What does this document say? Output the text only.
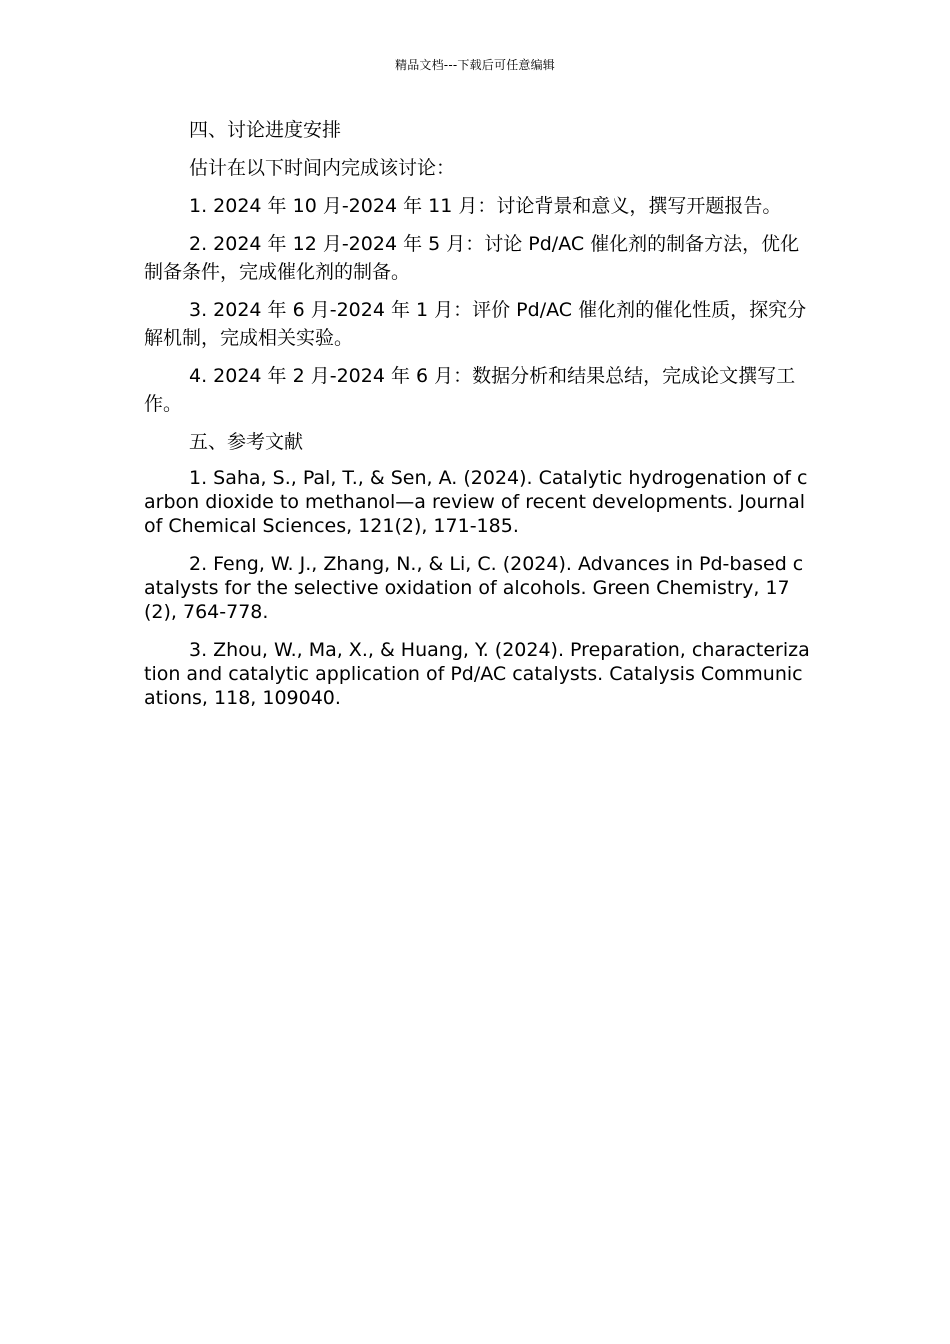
精品文档---下载后可任意编辑

四、讨论进度安排

估计在以下时间内完成该讨论：

1. 2024 年 10 月-2024 年 11 月：讨论背景和意义，撰写开题报告。

2. 2024 年 12 月-2024 年 5 月：讨论 Pd/AC 催化剂的制备方法，优化制备条件，完成催化剂的制备。

3. 2024 年 6 月-2024 年 1 月：评价 Pd/AC 催化剂的催化性质，探究分解机制，完成相关实验。

4. 2024 年 2 月-2024 年 6 月：数据分析和结果总结，完成论文撰写工作。

五、参考文献

1. Saha, S., Pal, T., & Sen, A. (2024). Catalytic hydrogenation of carbon dioxide to methanol—a review of recent developments. Journal of Chemical Sciences, 121(2), 171-185.

2. Feng, W. J., Zhang, N., & Li, C. (2024). Advances in Pd-based catalysts for the selective oxidation of alcohols. Green Chemistry, 17(2), 764-778.

3. Zhou, W., Ma, X., & Huang, Y. (2024). Preparation, characterization and catalytic application of Pd/AC catalysts. Catalysis Communications, 118, 109040.
